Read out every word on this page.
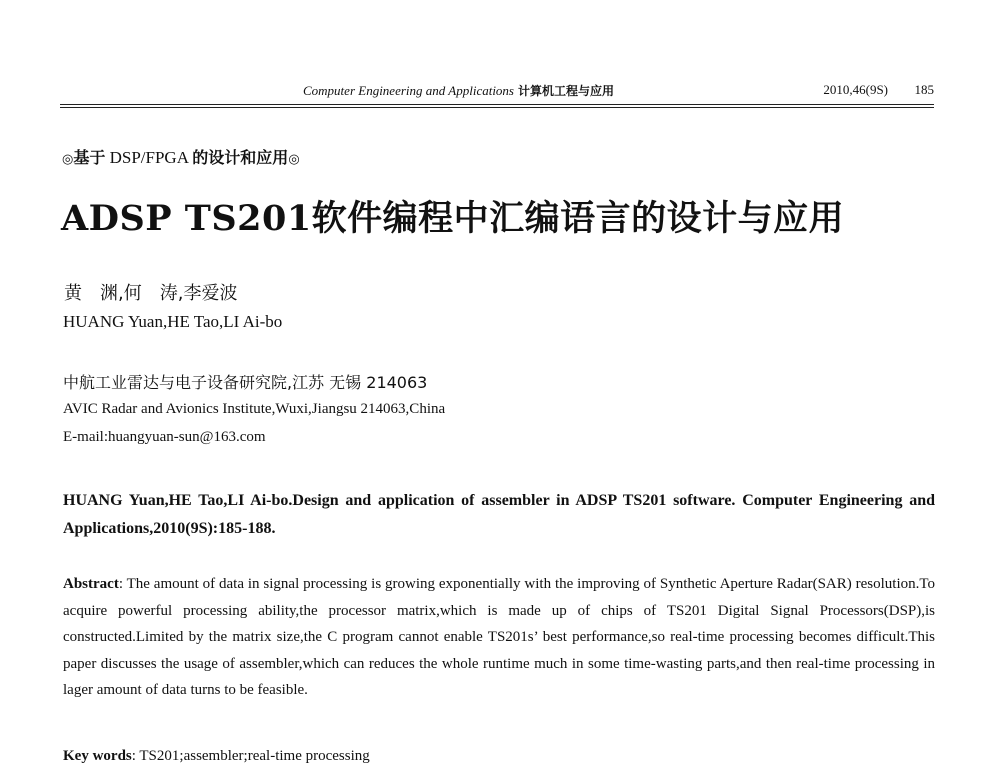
Computer Engineering and Applications 计算机工程与应用	2010,46(9S) 185
◎基于 DSP/FPGA 的设计和应用◎
ADSP TS201软件编程中汇编语言的设计与应用
黄　渊,何　涛,李爱波
HUANG Yuan,HE Tao,LI Ai-bo
中航工业雷达与电子设备研究院,江苏 无锡 214063
AVIC Radar and Avionics Institute,Wuxi,Jiangsu 214063,China
E-mail:huangyuan-sun@163.com
HUANG Yuan,HE Tao,LI Ai-bo.Design and application of assembler in ADSP TS201 software. Computer Engineering and Applications,2010(9S):185-188.
Abstract: The amount of data in signal processing is growing exponentially with the improving of Synthetic Aperture Radar(SAR) resolution.To acquire powerful processing ability,the processor matrix,which is made up of chips of TS201 Digital Signal Processors(DSP),is constructed.Limited by the matrix size,the C program cannot enable TS201s’ best performance,so real-time processing becomes difficult.This paper discusses the usage of assembler,which can reduces the whole runtime much in some time-wasting parts,and then real-time processing in lager amount of data turns to be feasible.
Key words: TS201;assembler;real-time processing
